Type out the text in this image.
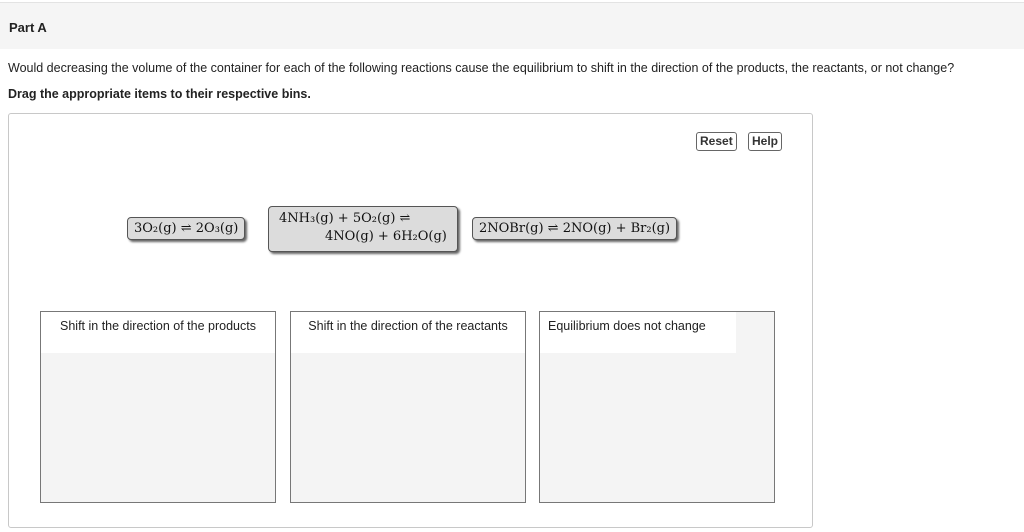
Part A
Would decreasing the volume of the container for each of the following reactions cause the equilibrium to shift in the direction of the products, the reactants, or not change?
Drag the appropriate items to their respective bins.
Reset	Help
3O₂(g) ⇌ 2O₃(g)
4NH₃(g) + 5O₂(g) ⇌
4NO(g) + 6H₂O(g)
2NOBr(g) ⇌ 2NO(g) + Br₂(g)
Shift in the direction of the products	Shift in the direction of the reactants	Equilibrium does not change
